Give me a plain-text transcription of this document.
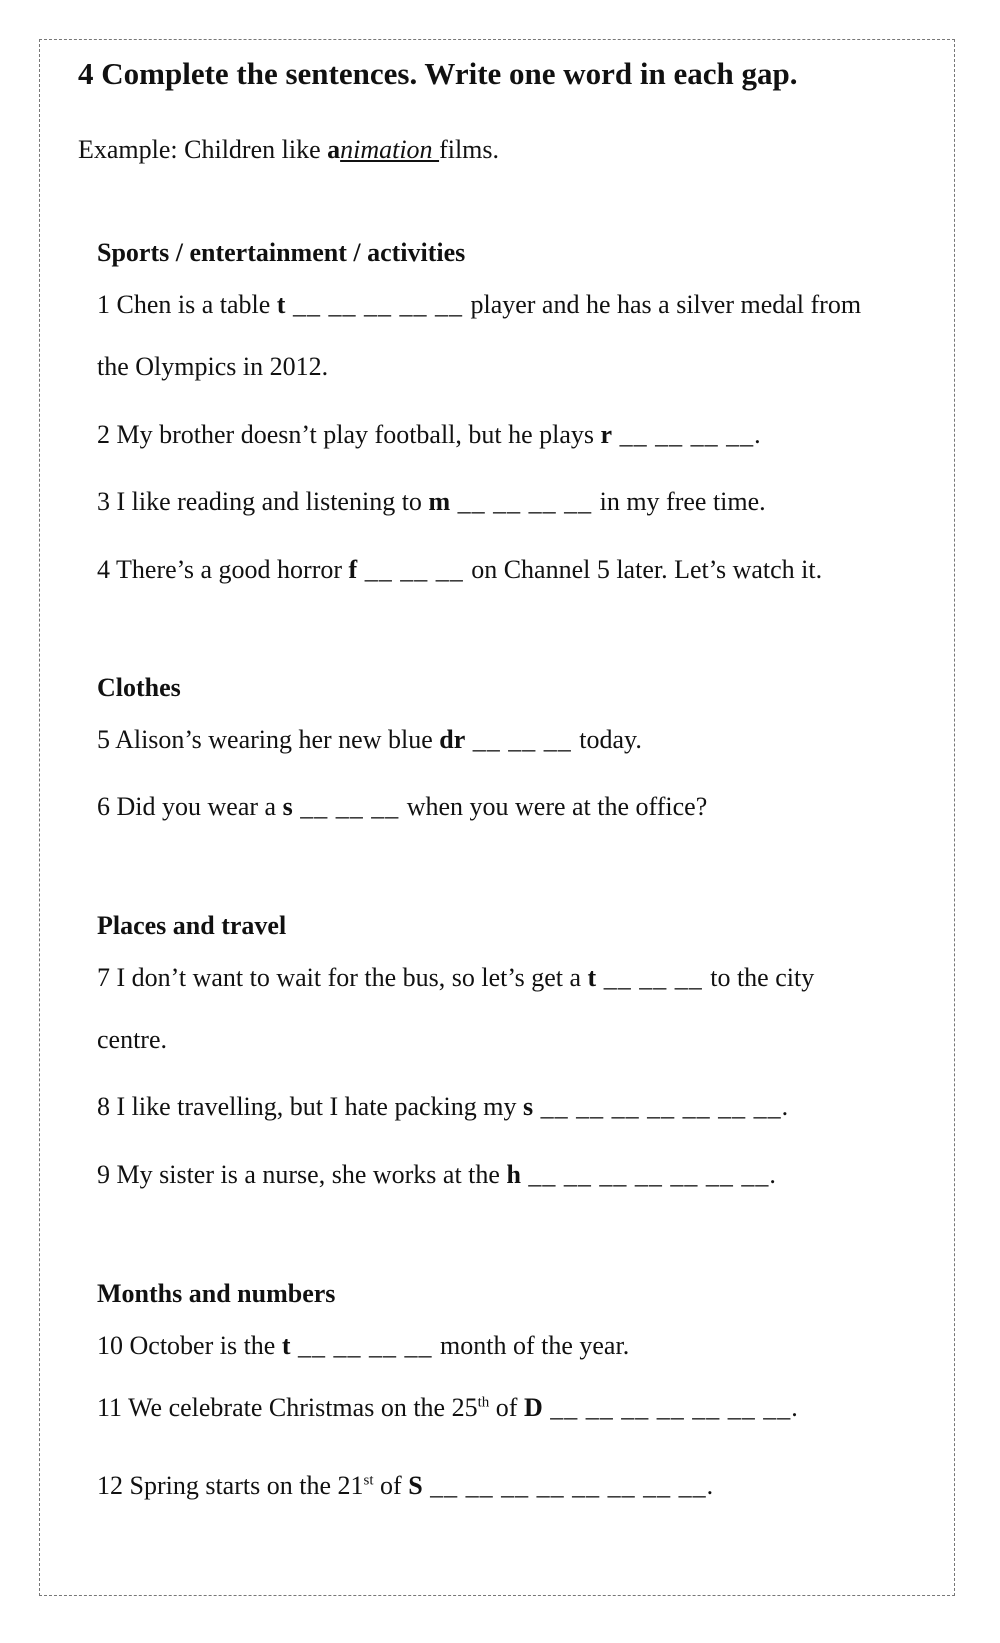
4 Complete the sentences. Write one word in each gap.
Example: Children like animation films.
Sports / entertainment / activities
1 Chen is a table t __ __ __ __ __ player and he has a silver medal from
the Olympics in 2012.
2 My brother doesn’t play football, but he plays r __ __ __ __.
3 I like reading and listening to m __ __ __ __ in my free time.
4 There’s a good horror f __ __ __ on Channel 5 later. Let’s watch it.
Clothes
5 Alison’s wearing her new blue dr __ __ __ today.
6 Did you wear a s __ __ __ when you were at the office?
Places and travel
7 I don’t want to wait for the bus, so let’s get a t __ __ __ to the city
centre.
8 I like travelling, but I hate packing my s __ __ __ __ __ __ __.
9 My sister is a nurse, she works at the h __ __ __ __ __ __ __.
Months and numbers
10 October is the t __ __ __ __ month of the year.
11 We celebrate Christmas on the 25th of D __ __ __ __ __ __ __.
12 Spring starts on the 21st of S __ __ __ __ __ __ __ __.
